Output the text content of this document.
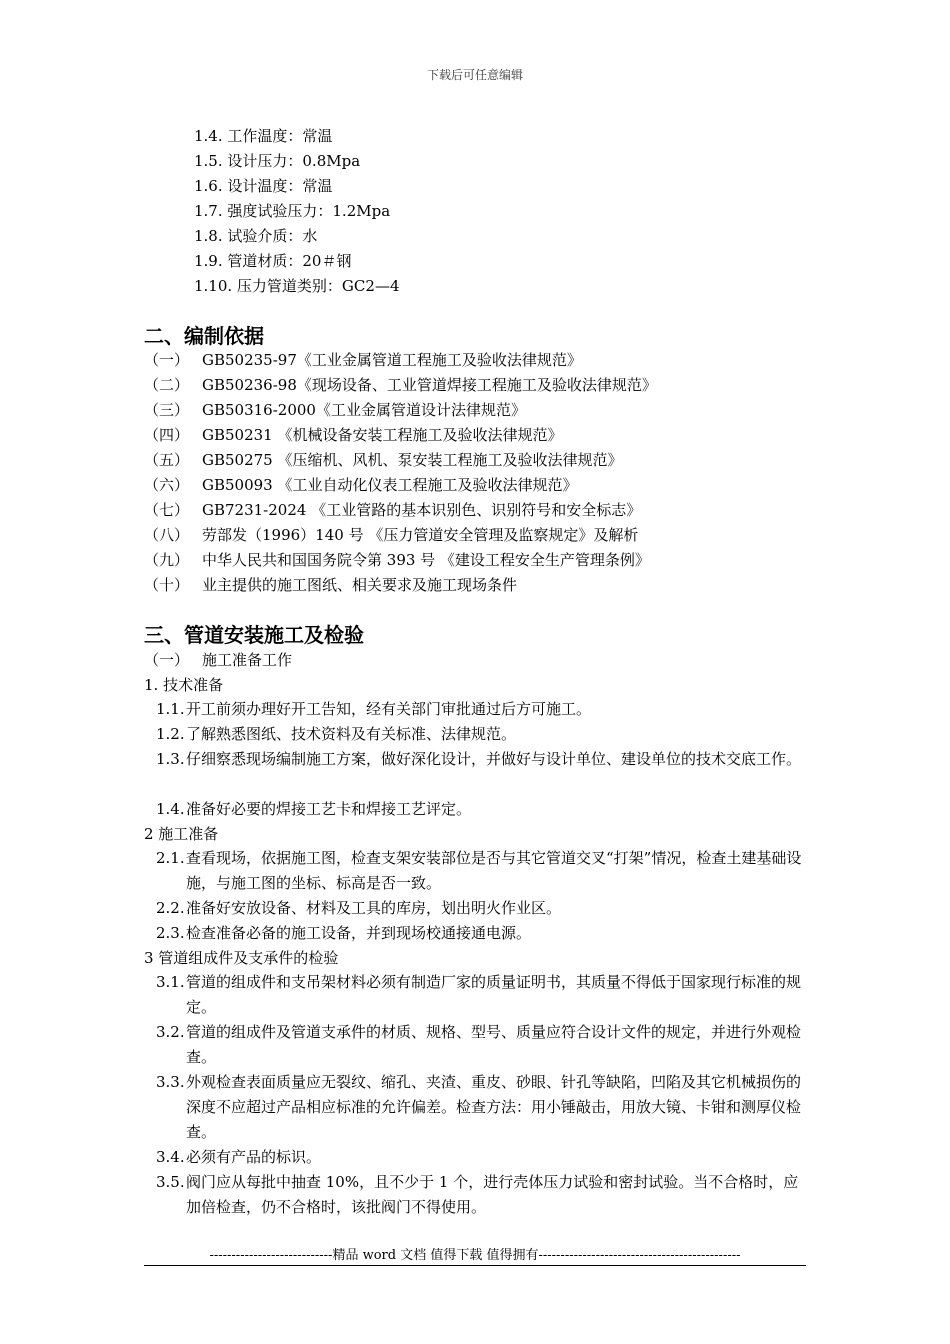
下载后可任意编辑
1.4. 工作温度：常温
1.5. 设计压力：0.8Mpa
1.6. 设计温度：常温
1.7. 强度试验压力：1.2Mpa
1.8. 试验介质：水
1.9. 管道材质：20＃钢
1.10. 压力管道类别：GC2—4
二、编制依据
（一） GB50235-97《工业金属管道工程施工及验收法律规范》
（二） GB50236-98《现场设备、工业管道焊接工程施工及验收法律规范》
（三） GB50316-2000《工业金属管道设计法律规范》
（四） GB50231 《机械设备安装工程施工及验收法律规范》
（五） GB50275 《压缩机、风机、泵安装工程施工及验收法律规范》
（六） GB50093 《工业自动化仪表工程施工及验收法律规范》
（七） GB7231-2024 《工业管路的基本识别色、识别符号和安全标志》
（八） 劳部发（1996）140 号 《压力管道安全管理及监察规定》及解析
（九） 中华人民共和国国务院令第 393 号 《建设工程安全生产管理条例》
（十） 业主提供的施工图纸、相关要求及施工现场条件
三、管道安装施工及检验
（一） 施工准备工作
1. 技术准备
1.1. 开工前须办理好开工告知，经有关部门审批通过后方可施工。
1.2. 了解熟悉图纸、技术资料及有关标准、法律规范。
1.3. 仔细察悉现场编制施工方案，做好深化设计，并做好与设计单位、建设单位的技术交底工作。
1.4. 准备好必要的焊接工艺卡和焊接工艺评定。
2 施工准备
2.1. 查看现场，依据施工图，检查支架安装部位是否与其它管道交叉“打架”情况，检查土建基础设施，与施工图的坐标、标高是否一致。
2.2. 准备好安放设备、材料及工具的库房，划出明火作业区。
2.3. 检查准备必备的施工设备，并到现场校通接通电源。
3 管道组成件及支承件的检验
3.1. 管道的组成件和支吊架材料必须有制造厂家的质量证明书，其质量不得低于国家现行标准的规定。
3.2. 管道的组成件及管道支承件的材质、规格、型号、质量应符合设计文件的规定，并进行外观检查。
3.3. 外观检查表面质量应无裂纹、缩孔、夹渣、重皮、砂眼、针孔等缺陷，凹陷及其它机械损伤的深度不应超过产品相应标准的允许偏差。检查方法：用小锤敲击，用放大镜、卡钳和测厚仪检查。
3.4. 必须有产品的标识。
3.5. 阀门应从每批中抽查 10%，且不少于 1 个，进行壳体压力试验和密封试验。当不合格时，应加倍检查，仍不合格时，该批阀门不得使用。
----------------------------精品 word 文档 值得下载 值得拥有----------------------------------------------
